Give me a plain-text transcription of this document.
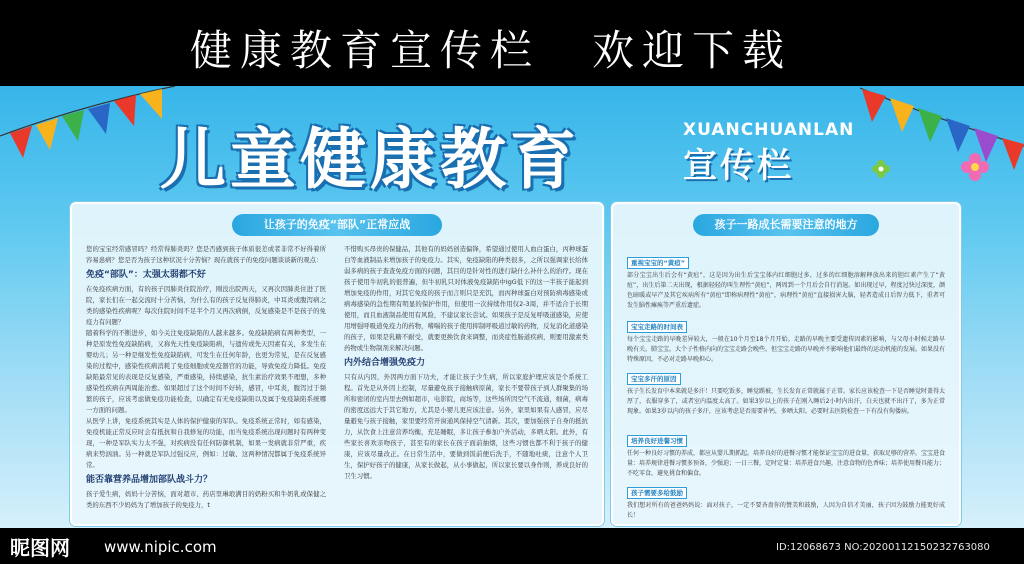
健康教育宣传栏 欢迎下载
儿童健康教育	XUANCHUANLAN
宣传栏
让孩子的免疫“部队”正常应战

您的宝宝经常感冒吗？经常得肺炎吗？您是否感到孩子体质很差或者非常不好得着所容易患病？您是否为孩子这种状况十分苦恼？现在就孩子的免疫问题谈谈新的观点：

免疫“部队”：太强太弱都不好

在免疫疾病方面，有的孩子因肺炎住院治疗，刚没出院两天，又再次因肺炎住进了医院，家长们在一起交流时十分苦恼，为什么有的孩子反复得肺炎，中耳炎或腹泻病之类的感染性疾病呢？每次住院时间不足半个月又再次病倒，反复感染是不是孩子的免疫力有问题？

随着科学的不断进步，如今关注免疫缺陷的人越来越多。免疫缺陷病有两种类型，一种是原发性免疫缺陷病，又称先天性免疫缺陷病，与遗传或先天因素有关，多发生在婴幼儿；另一种是继发性免疫缺陷病，可发生在任何年龄，也更为常见，是在反复感染的过程中，感染性疾病消耗了免疫细胞或免疫器官的功能，导致免疫力降低。免疫缺陷最常见的表现是反复感染，严重感染，持续感染，抗生素治疗效果不理想，多种感染性疾病在两周能治愈。如果超过了这个时间不好转，感冒，中耳炎，腹泻过于频繁的孩子，应该考虑做免疫功能检查，以确定有无免疫缺陷以及属于免疫缺陷系统哪一方面的问题。

从医学上讲，免疫系统其实是人体的保护健康的军队。免疫系统正常时，如有感染，免疫机能正常反应时会有抵抗和自我修复的功能，而当免疫系统出现问题时有两种变现，一种是军队实力太不强，对疾病没有任何防御机制，如果一发病就非常严重，疾病来势汹汹。另一种就是军队过强反应，例如：过敏、这两种情况都属于免疫系统异常。

能否靠营养品增加部队战斗力？

孩子爱生病，妈妈十分苦恼，面对超市、药店里琳琅满目的奶粉买和牛奶乳或保健之类的东西不少妈妈为了增加孩子的免疫力，t

不惜购买昂贵的保健品，其他有的妈妈创造偏锋，希望通过使用人血白蛋白，丙种球蛋白等血液制品来增加孩子的免疫力。其实，免疫缺陷的种类很多，之所以强调家长给体弱多病的孩子查查免疫方面的问题，其目的是针对性的进行缺什么补什么的治疗。现在孩子使用牛初乳的很普遍，但牛初乳只对体液免疫缺陷中IgG低下的这一半孩子能起到增加免疫的作用，对其它免疫的孩子而言则只是充饥，而丙种球蛋白对预防病毒感染或病毒感染的急性期有明显的保护作用，但使用一次持续作用仅2-3周，并不适合于长期使用，而且血液制品使用有风险，不建议家长尝试。如果孩子是反复呼吸道感染，应使用增强呼吸道免疫力的药物，嗜喘的孩子使用抑制呼吸道过敏的药物，反复消化道感染的孩子，如果是乳糖不耐受，就要更换饮食来调整，而炎症性肠道疾病，则要用激素类药物或生物制剂来解决问题。

内外结合增强免疫力

只有从内因，外因两方面下功夫，才能让孩子少生病，所以家庭护理应该是个系统工程。首先是从外因上控制，尽量避免孩子接触病原菌，家长不要带孩子到人群聚集的场所和密闭的室内里去例如超市，电影院，商场等，这些场所因空气不流通，细菌，病毒的密度远远大于其它地方，尤其是小婴儿更应该注意。另外，家里如果有人感冒，应尽量避免与孩子接触，家里要经常开窗通风保持空气清新。其次，要加强孩子自身的抵抗力，从饮食上注意营养均衡，充足睡眠，多让孩子参加户外活动，多晒太阳。此外，有些家长喜欢亲吻孩子，甚至有的家长在孩子面前抽烟，这些习惯也都不利于孩子的健康，应该尽量改正。在日常生活中，要做到饭前便后洗手，不随地吐痰，注意个人卫生，保护好孩子的健康，从家长做起，从小事做起，所以家长要以身作则，养成良好的卫生习惯。

孩子一路成长需要注意的地方
重视宝宝的“黄疸”
部分宝宝出生后会有“黄疸”，这是因为出生后宝宝体内红细胞过多，过多的红细胞溶解释放出来的胆红素产生了“黄疸”，出生后第二天出现，根据轻轻的叫生理性“黄疸”，两周到一个月后会自行消退。如出现过早，程度过快过深度，颜色暗暖或早产及其它疾病所有“黄疸”即称病理性“黄疸”，病理性“黄疸”直接损害大脑，轻者造成日后智力低下，重者可发生脑性瘫痪等严重后遗症。
宝宝走路的时间表
每个宝宝走路的早晚差异较大，一般在10个月至18个月开始。走路的早晚主要受遗传因素的影响，与父母小时候走路早晚有关。肺宝宝，大个子性格内向的宝宝走路会晚些。但宝宝走路的早晚并不影响他们最终的运动机能的发展。如果没有特殊原因，不必对走路早晚担心。
宝宝多汗的原因
孩子生长发育中本来就是多汗！只要吃饭多，睡觉踢被，生长发育正常就属于正常。家长应该检查一下是否睡觉时盖得太厚了，衣服穿多了，或者室内温度太高了。如果3岁以上的孩子在刚入睡后2小时内出汗，白天也就不出汗了，多为正常现象。如果3岁以内的孩子多汗，应该考虑是否需要补钙，多晒太阳。必要时去医院检查一下有没有佝偻病。
培养良好进餐习惯
任何一种良好习惯的养成，都应从婴儿期抓起。培养良好的进餐习惯才能保证宝宝的进食量，获取足够的营养。宝宝进食量：培养规律进餐习惯多预备，少强迫；一日三餐，定时定量：培养进食兴趣，注意食物的色香味；培养使用餐具能力；不吃零食，避免挑食和偏食。
孩子需要多给鼓励
我们想对所有的爸爸妈妈说：面对孩子，一定不要吝啬你的赞美和鼓励，人因为自信才美丽，孩子因为鼓励力能更好成长！
昵图网 www.nipic.com	ID:12068673 NO:20200112150232763080
